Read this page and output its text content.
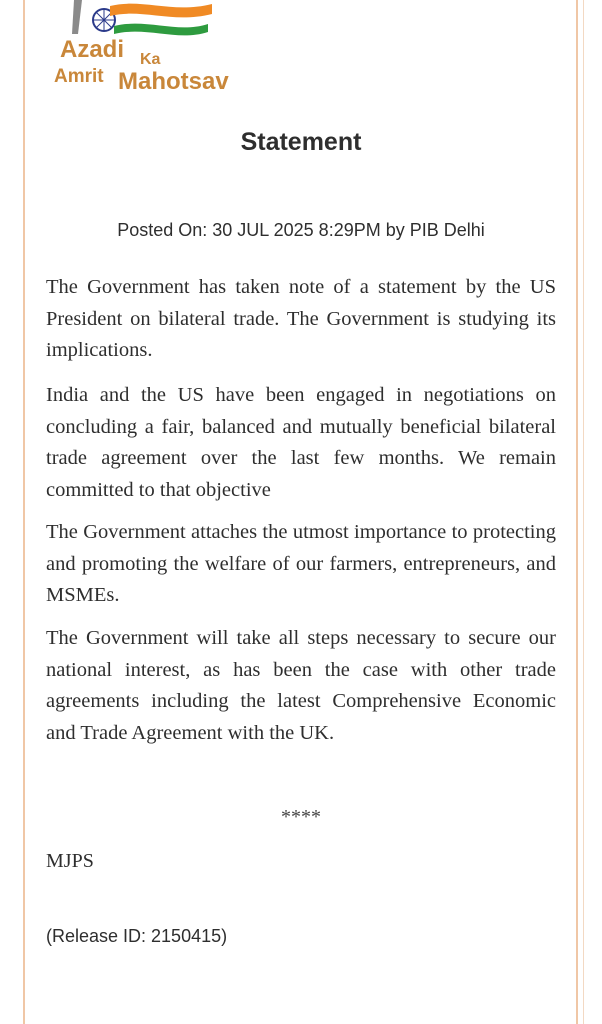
Azadi Ka
Amrit Mahotsav
Statement
Posted On: 30 JUL 2025 8:29PM by PIB Delhi

The Government has taken note of a statement by the US President on bilateral trade. The Government is studying its implications.

India and the US have been engaged in negotiations on concluding a fair, balanced and mutually beneficial bilateral trade agreement over the last few months. We remain committed to that objective

The Government attaches the utmost importance to protecting and promoting the welfare of our farmers, entrepreneurs, and MSMEs.

The Government will take all steps necessary to secure our national interest, as has been the case with other trade agreements including the latest Comprehensive Economic and Trade Agreement with the UK.

****
MJPS
(Release ID: 2150415)
